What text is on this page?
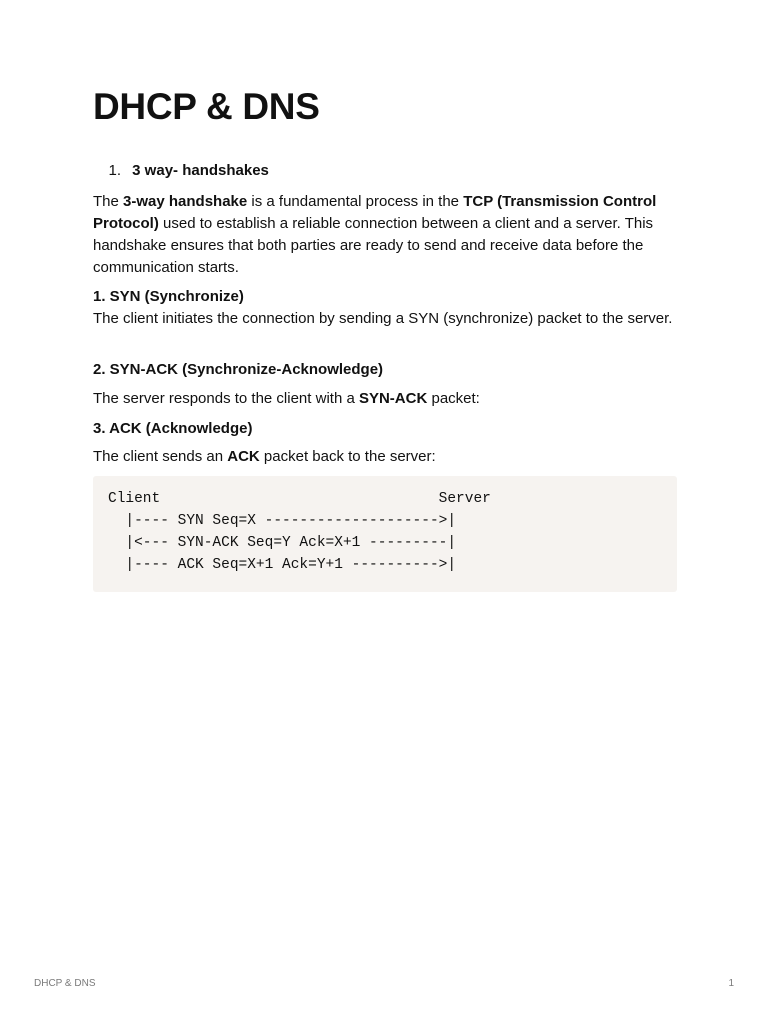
DHCP & DNS
1. 3 way- handshakes

The 3-way handshake is a fundamental process in the TCP (Transmission Control Protocol) used to establish a reliable connection between a client and a server. This handshake ensures that both parties are ready to send and receive data before the communication starts.

1. SYN (Synchronize)

The client initiates the connection by sending a SYN (synchronize) packet to the server.

2. SYN-ACK (Synchronize-Acknowledge)

The server responds to the client with a SYN-ACK packet:

3. ACK (Acknowledge)

The client sends an ACK packet back to the server:

Client                                Server
|---- SYN Seq=X -------------------->|
|<--- SYN-ACK Seq=Y Ack=X+1 ---------|
|---- ACK Seq=X+1 Ack=Y+1 ---------->|
DHCP & DNS	1
